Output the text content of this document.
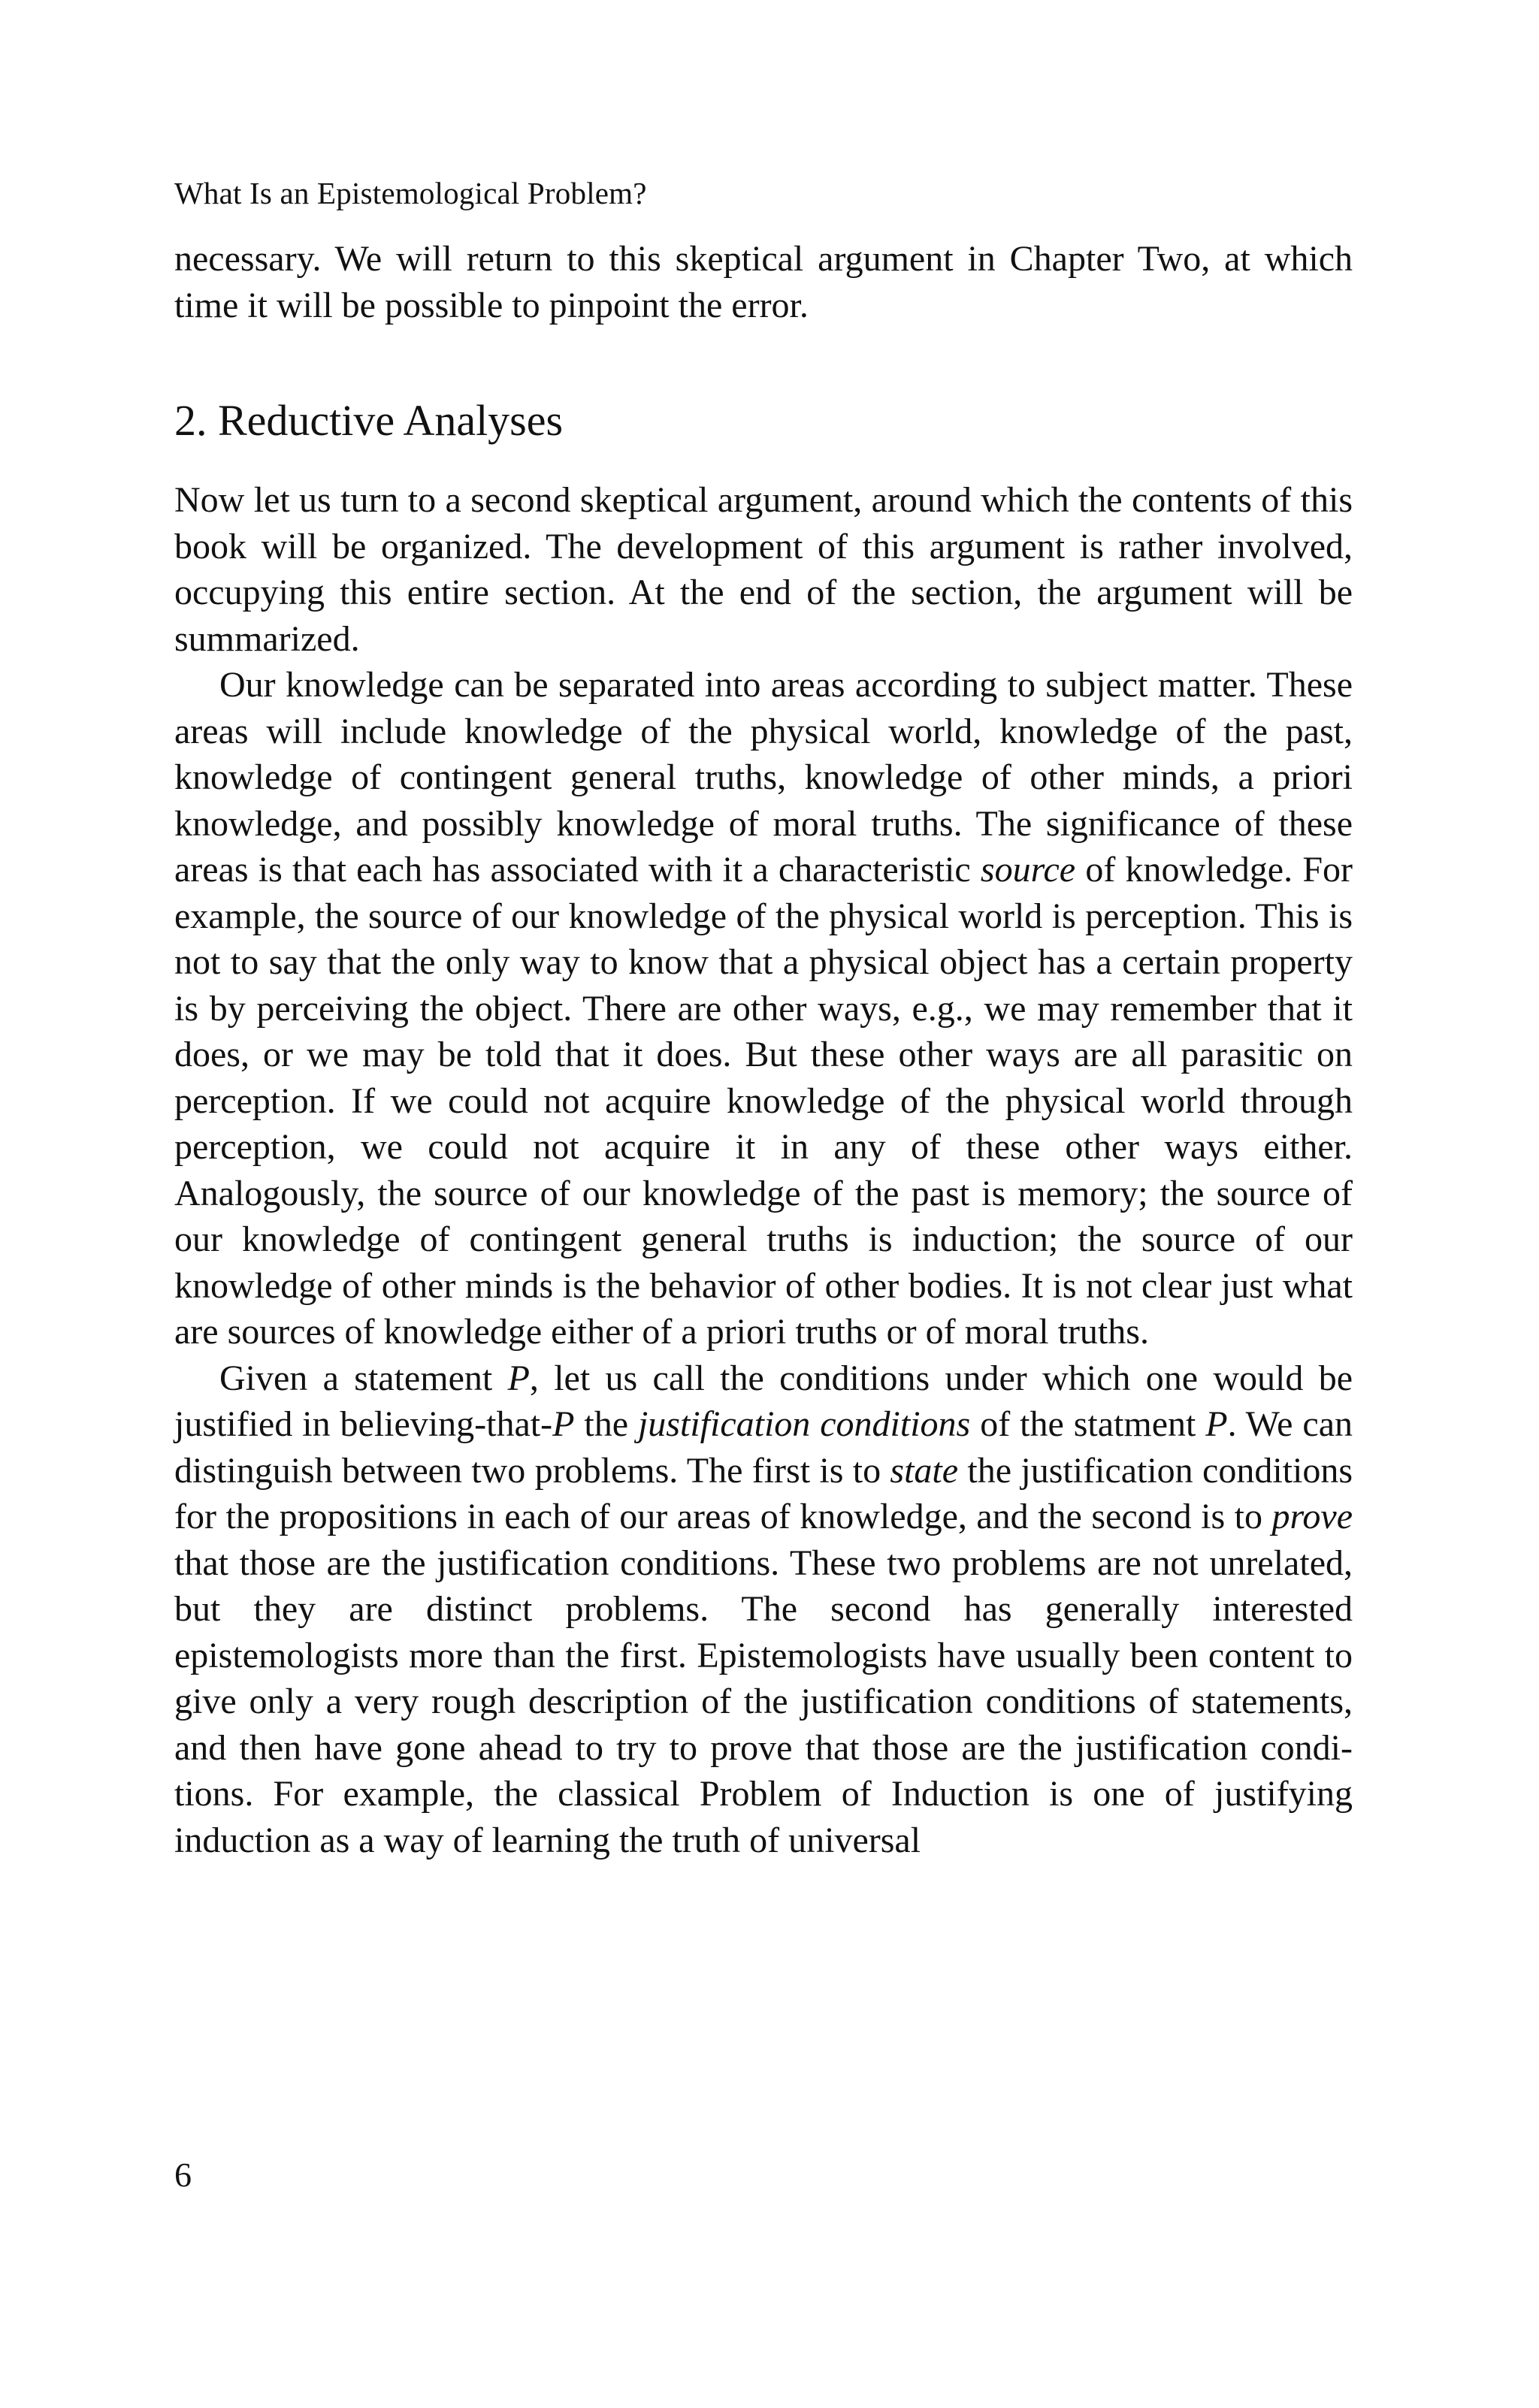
What Is an Epistemological Problem?

necessary. We will return to this skeptical argument in Chapter Two, at which time it will be possible to pinpoint the error.

2. Reductive Analyses

Now let us turn to a second skeptical argument, around which the contents of this book will be organized. The development of this argument is rather involved, occupying this entire section. At the end of the section, the argument will be summarized.

Our knowledge can be separated into areas according to subject matter. These areas will include knowledge of the physical world, knowledge of the past, knowledge of contingent general truths, knowledge of other minds, a priori knowledge, and possibly knowledge of moral truths. The significance of these areas is that each has associated with it a characteristic source of knowledge. For example, the source of our knowledge of the physical world is perception. This is not to say that the only way to know that a physical object has a certain property is by perceiving the object. There are other ways, e.g., we may remember that it does, or we may be told that it does. But these other ways are all parasitic on perception. If we could not acquire knowledge of the physical world through perception, we could not acquire it in any of these other ways either. Analogously, the source of our knowledge of the past is memory; the source of our knowledge of contingent general truths is induction; the source of our knowledge of other minds is the behavior of other bodies. It is not clear just what are sources of knowledge either of a priori truths or of moral truths.

Given a statement P, let us call the conditions under which one would be justified in believing-that-P the justification conditions of the statment P. We can distinguish between two problems. The first is to state the justification conditions for the propositions in each of our areas of knowledge, and the second is to prove that those are the justification conditions. These two problems are not unrelated, but they are distinct problems. The second has generally interested epistemologists more than the first. Epistemologists have usually been content to give only a very rough description of the justification conditions of statements, and then have gone ahead to try to prove that those are the justification conditions. For example, the classical Problem of Induction is one of justifying induction as a way of learning the truth of universal

6
